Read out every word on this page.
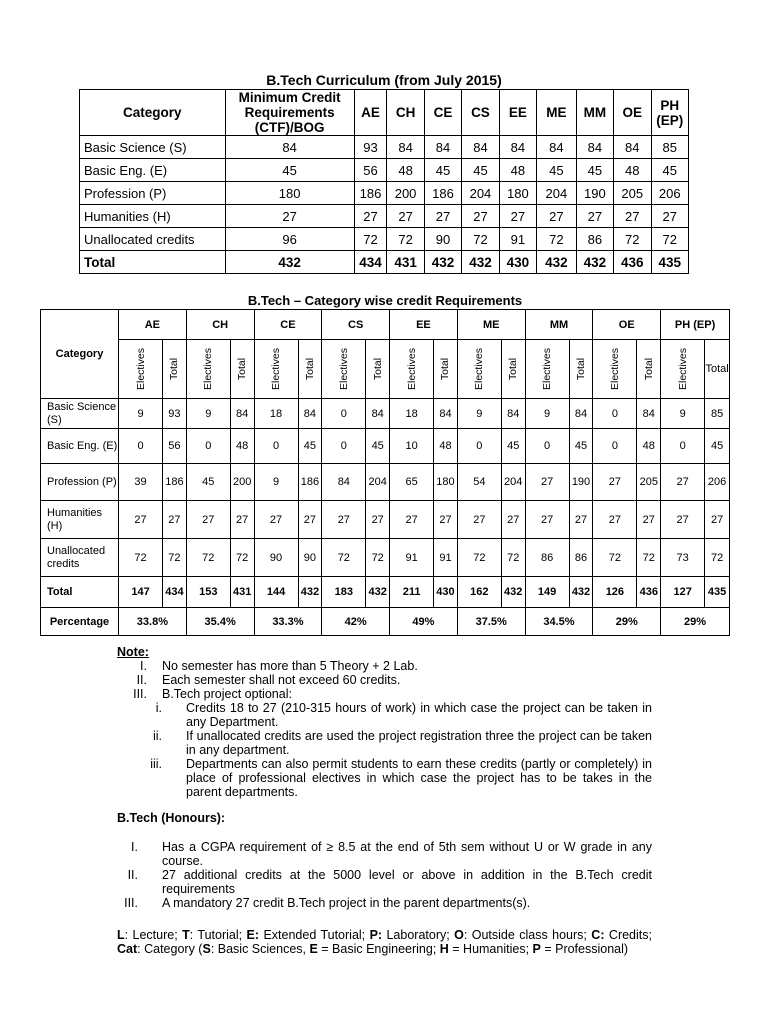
B.Tech Curriculum (from July 2015)
Category	Minimum Credit Requirements (CTF)/BOG	AE	CH	CE	CS	EE	ME	MM	OE	PH (EP)
Basic Science (S)	84	93	84	84	84	84	84	84	84	85
Basic Eng. (E)	45	56	48	45	45	48	45	45	48	45
Profession (P)	180	186	200	186	204	180	204	190	205	206
Humanities (H)	27	27	27	27	27	27	27	27	27	27
Unallocated credits	96	72	72	90	72	91	72	86	72	72
Total	432	434	431	432	432	430	432	432	436	435
B.Tech – Category wise credit Requirements
Category	AE		CH		CE		CS		EE		ME		MM		OE		PH (EP)	
	Electives	Total	Electives	Total	Electives	Total	Electives	Total	Electives	Total	Electives	Total	Electives	Total	Electives	Total	Electives	Total
Basic Science (S)	9	93	9	84	18	84	0	84	18	84	9	84	9	84	0	84	9	85
Basic Eng. (E)	0	56	0	48	0	45	0	45	10	48	0	45	0	45	0	48	0	45
Profession (P)	39	186	45	200	9	186	84	204	65	180	54	204	27	190	27	205	27	206
Humanities (H)	27	27	27	27	27	27	27	27	27	27	27	27	27	27	27	27	27	27
Unallocated credits	72	72	72	72	90	90	72	72	91	91	72	72	86	86	72	72	73	72
Total	147	434	153	431	144	432	183	432	211	430	162	432	149	432	126	436	127	435
Percentage	33.8%		35.4%		33.3%		42%		49%		37.5%		34.5%		29%		29%	
Note:
I. No semester has more than 5 Theory + 2 Lab.
II. Each semester shall not exceed 60 credits.
III. B.Tech project optional:
i. Credits 18 to 27 (210-315 hours of work) in which case the project can be taken in any Department.
ii. If unallocated credits are used the project registration three the project can be taken in any department.
iii. Departments can also permit students to earn these credits (partly or completely) in place of professional electives in which case the project has to be takes in the parent departments.
B.Tech (Honours):
I. Has a CGPA requirement of ≥ 8.5 at the end of 5th sem without U or W grade in any course.
II. 27 additional credits at the 5000 level or above in addition in the B.Tech credit requirements
III. A mandatory 27 credit B.Tech project in the parent departments(s).
L: Lecture; T: Tutorial; E: Extended Tutorial; P: Laboratory; O: Outside class hours; C: Credits; Cat: Category (S: Basic Sciences, E = Basic Engineering; H = Humanities; P = Professional)
